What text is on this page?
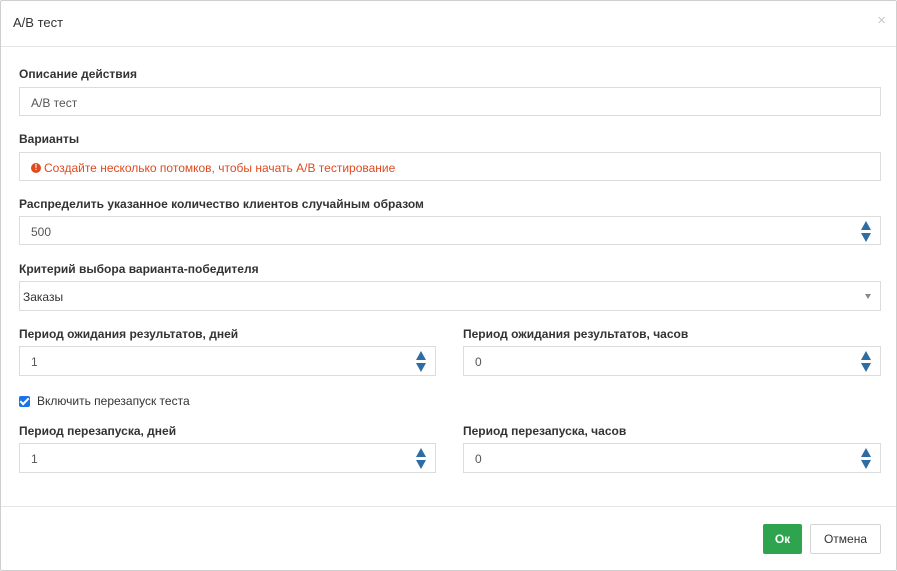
A/B тест	×
Описание действия
A/B тест
Варианты
! Создайте несколько потомков, чтобы начать A/B тестирование
Распределить указанное количество клиентов случайным образом
500
Критерий выбора варианта-победителя
Заказы
Период ожидания результатов, дней
1
Период ожидания результатов, часов
0
Включить перезапуск теста
Период перезапуска, дней
1
Период перезапуска, часов
0
Ок	Отмена
